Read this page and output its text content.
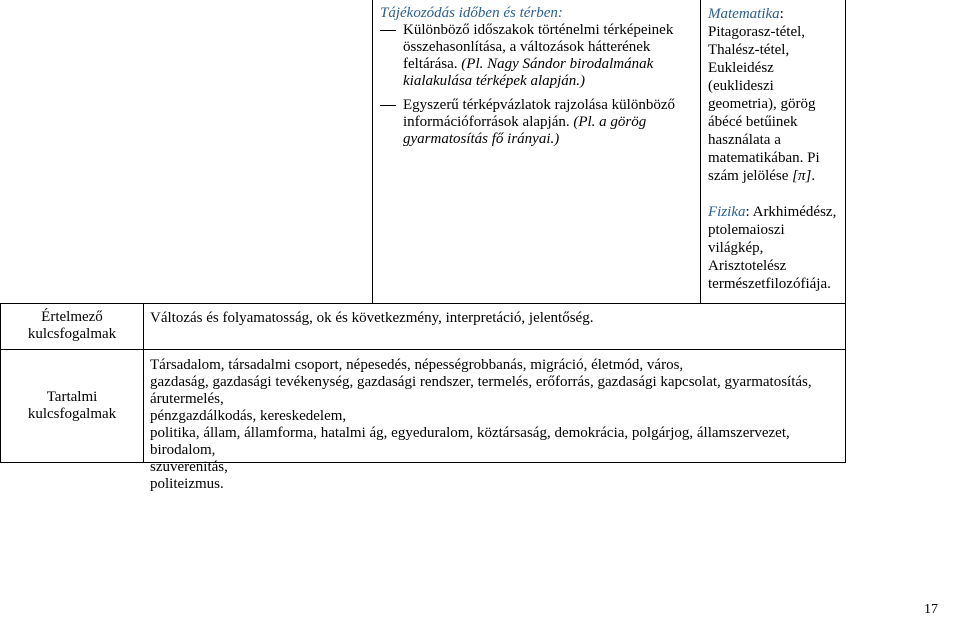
Tájékozódás időben és térben:
Különböző időszakok történelmi térképeinek összehasonlítása, a változások hátterének feltárása. (Pl. Nagy Sándor birodalmának kialakulása térképek alapján.)
Egyszerű térképvázlatok rajzolása különböző információforrások alapján. (Pl. a görög gyarmatosítás fő irányai.)

Matematika: Pitagorasz-tétel, Thalész-tétel, Eukleidész (euklideszi geometria), görög ábécé betűinek használata a matematikában. Pi szám jelölése [π].

Fizika: Arkhimédész, ptolemaioszi világkép, Arisztotelész természetfilozófiája.

Értelmező kulcsfogalmak
Változás és folyamatosság, ok és következmény, interpretáció, jelentőség.
Tartalmi kulcsfogalmak
Társadalom, társadalmi csoport, népesedés, népességrobbanás, migráció, életmód, város,
gazdaság, gazdasági tevékenység, gazdasági rendszer, termelés, erőforrás, gazdasági kapcsolat, gyarmatosítás, árutermelés,
pénzgazdálkodás, kereskedelem,
politika, állam, államforma, hatalmi ág, egyeduralom, köztársaság, demokrácia, polgárjog, államszervezet, birodalom,
szuverenitás,
politeizmus.
17
